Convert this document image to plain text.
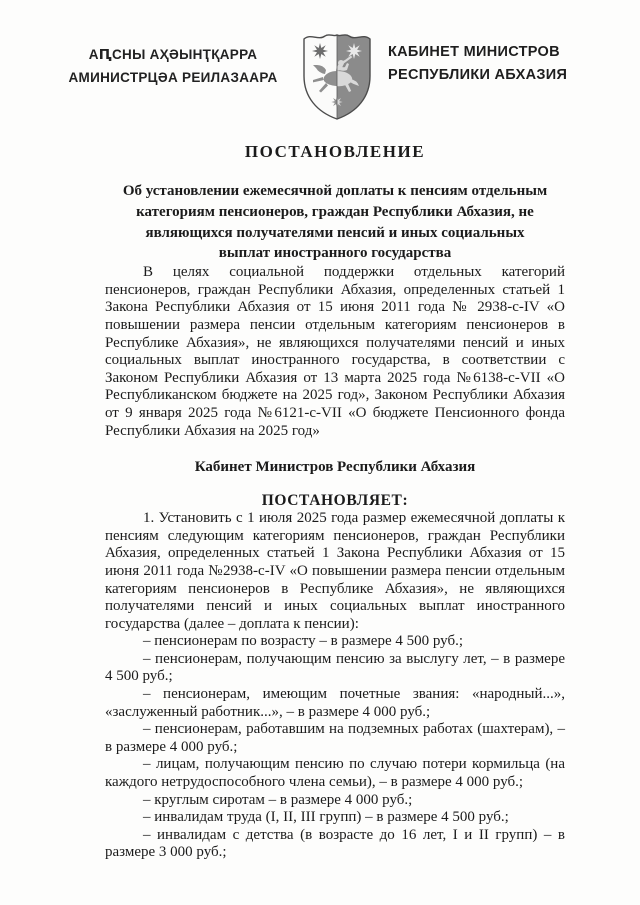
АԤСНЫ АҲӘЫНҬҚАРРА
АМИНИСТРЦӘА РЕИЛАЗААРА
КАБИНЕТ МИНИСТРОВ
РЕСПУБЛИКИ АБХАЗИЯ
ПОСТАНОВЛЕНИЕ

Об установлении ежемесячной доплаты к пенсиям отдельным категориям пенсионеров, граждан Республики Абхазия, не являющихся получателями пенсий и иных социальных выплат иностранного государства

В целях социальной поддержки отдельных категорий пенсионеров, граждан Республики Абхазия, определенных статьей 1 Закона Республики Абхазия от 15 июня 2011 года № 2938-с-IV «О повышении размера пенсии отдельным категориям пенсионеров в Республике Абхазия», не являющихся получателями пенсий и иных социальных выплат иностранного государства, в соответствии с Законом Республики Абхазия от 13 марта 2025 года №6138-с-VII «О Республиканском бюджете на 2025 год», Законом Республики Абхазия от 9 января 2025 года №6121-с-VII «О бюджете Пенсионного фонда Республики Абхазия на 2025 год»

Кабинет Министров Республики Абхазия

ПОСТАНОВЛЯЕТ:

1. Установить с 1 июля 2025 года размер ежемесячной доплаты к пенсиям следующим категориям пенсионеров, граждан Республики Абхазия, определенных статьей 1 Закона Республики Абхазия от 15 июня 2011 года №2938-с-IV «О повышении размера пенсии отдельным категориям пенсионеров в Республике Абхазия», не являющихся получателями пенсий и иных социальных выплат иностранного государства (далее – доплата к пенсии):

– пенсионерам по возрасту – в размере 4 500 руб.;

– пенсионерам, получающим пенсию за выслугу лет, – в размере 4 500 руб.;

– пенсионерам, имеющим почетные звания: «народный...», «заслуженный работник...», – в размере 4 000 руб.;

– пенсионерам, работавшим на подземных работах (шахтерам), – в размере 4 000 руб.;

– лицам, получающим пенсию по случаю потери кормильца (на каждого нетрудоспособного члена семьи), – в размере 4 000 руб.;

– круглым сиротам – в размере 4 000 руб.;

– инвалидам труда (I, II, III групп) – в размере 4 500 руб.;

– инвалидам с детства (в возрасте до 16 лет, I и II групп) – в размере 3 000 руб.;
